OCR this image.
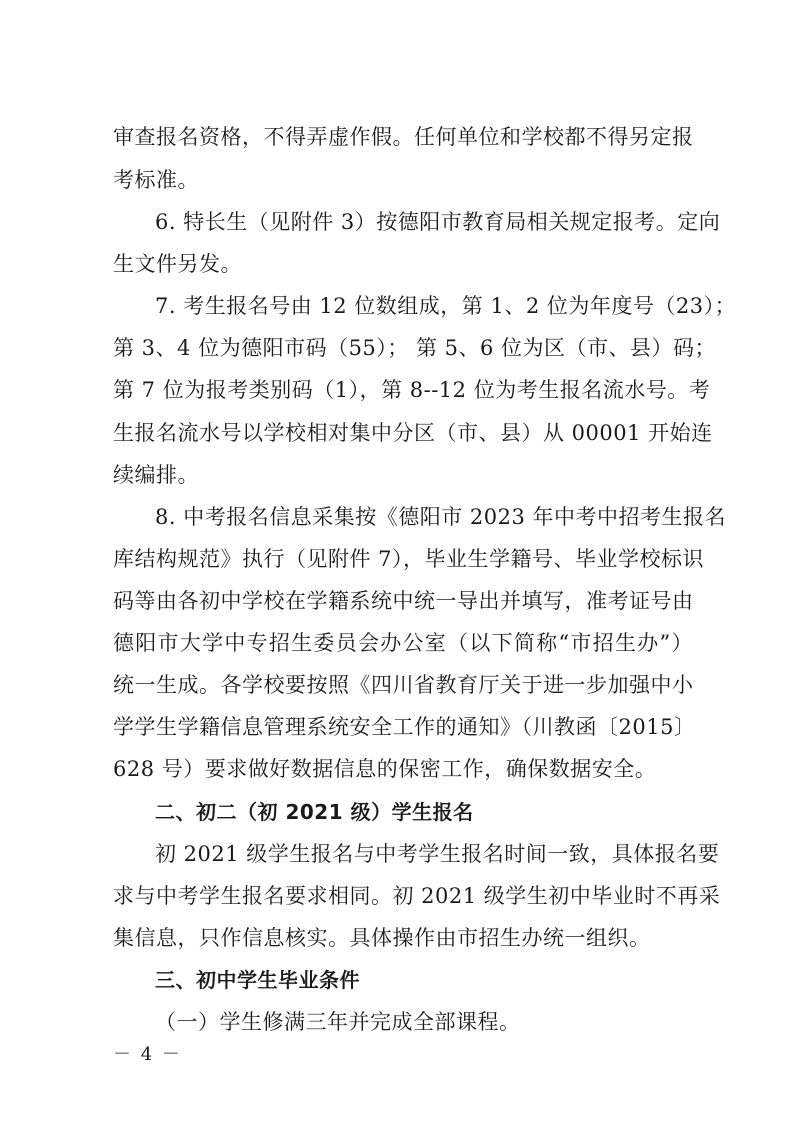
审查报名资格，不得弄虚作假。任何单位和学校都不得另定报
考标准。
6. 特长生（见附件 3）按德阳市教育局相关规定报考。定向
生文件另发。
7. 考生报名号由 12 位数组成，第 1、2 位为年度号（23）；
第 3、4 位为德阳市码（55）； 第 5、6 位为区（市、县）码；
第 7 位为报考类别码（1），第 8--12 位为考生报名流水号。考
生报名流水号以学校相对集中分区（市、县）从 00001 开始连
续编排。
8. 中考报名信息采集按《德阳市 2023 年中考中招考生报名
库结构规范》执行（见附件 7），毕业生学籍号、毕业学校标识
码等由各初中学校在学籍系统中统一导出并填写，准考证号由
德阳市大学中专招生委员会办公室（以下简称“市招生办”）
统一生成。各学校要按照《四川省教育厅关于进一步加强中小
学学生学籍信息管理系统安全工作的通知》（川教函〔2015〕
628 号）要求做好数据信息的保密工作，确保数据安全。
二、初二（初 2021 级）学生报名
初 2021 级学生报名与中考学生报名时间一致，具体报名要
求与中考学生报名要求相同。初 2021 级学生初中毕业时不再采
集信息，只作信息核实。具体操作由市招生办统一组织。
三、初中学生毕业条件
（一）学生修满三年并完成全部课程。
－ 4 －
